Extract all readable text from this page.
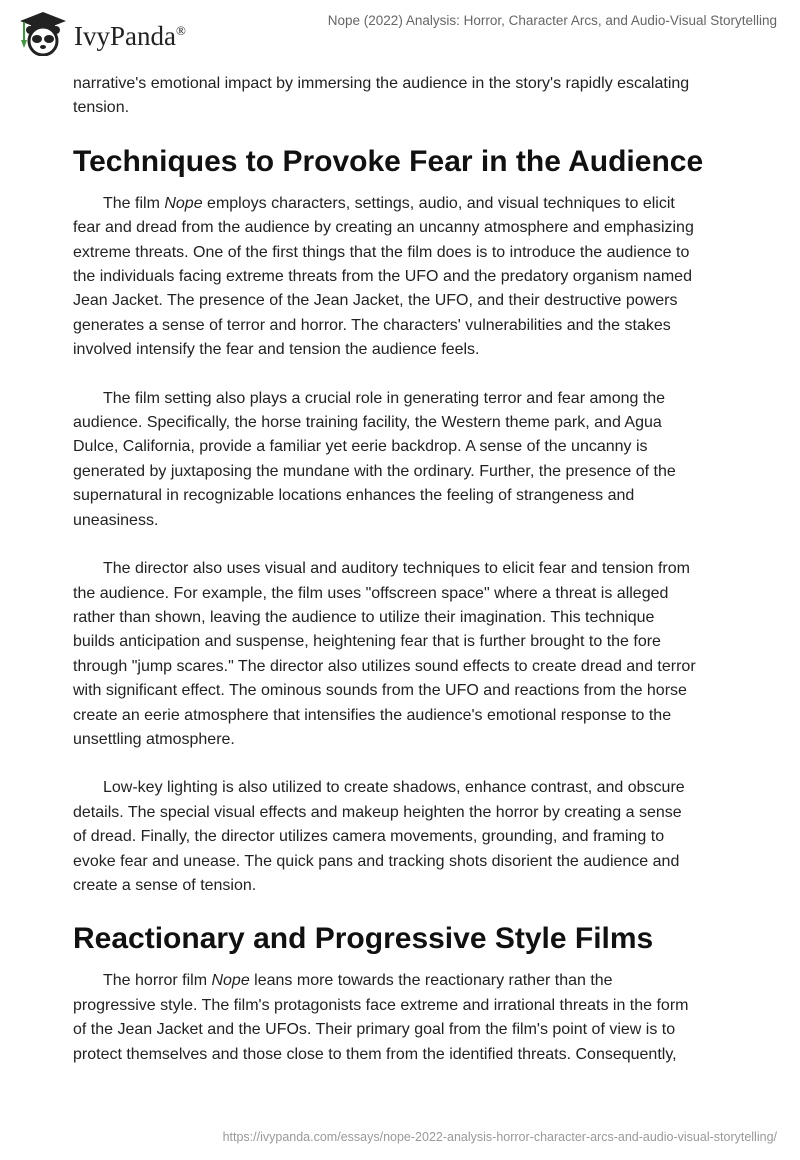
IvyPanda®
Nope (2022) Analysis: Horror, Character Arcs, and Audio-Visual Storytelling
narrative's emotional impact by immersing the audience in the story's rapidly escalating
tension.
Techniques to Provoke Fear in the Audience
The film Nope employs characters, settings, audio, and visual techniques to elicit
fear and dread from the audience by creating an uncanny atmosphere and emphasizing
extreme threats. One of the first things that the film does is to introduce the audience to
the individuals facing extreme threats from the UFO and the predatory organism named
Jean Jacket. The presence of the Jean Jacket, the UFO, and their destructive powers
generates a sense of terror and horror. The characters' vulnerabilities and the stakes
involved intensify the fear and tension the audience feels.
The film setting also plays a crucial role in generating terror and fear among the
audience. Specifically, the horse training facility, the Western theme park, and Agua
Dulce, California, provide a familiar yet eerie backdrop. A sense of the uncanny is
generated by juxtaposing the mundane with the ordinary. Further, the presence of the
supernatural in recognizable locations enhances the feeling of strangeness and
uneasiness.
The director also uses visual and auditory techniques to elicit fear and tension from
the audience. For example, the film uses "offscreen space" where a threat is alleged
rather than shown, leaving the audience to utilize their imagination. This technique
builds anticipation and suspense, heightening fear that is further brought to the fore
through "jump scares." The director also utilizes sound effects to create dread and terror
with significant effect. The ominous sounds from the UFO and reactions from the horse
create an eerie atmosphere that intensifies the audience's emotional response to the
unsettling atmosphere.
Low-key lighting is also utilized to create shadows, enhance contrast, and obscure
details. The special visual effects and makeup heighten the horror by creating a sense
of dread. Finally, the director utilizes camera movements, grounding, and framing to
evoke fear and unease. The quick pans and tracking shots disorient the audience and
create a sense of tension.
Reactionary and Progressive Style Films
The horror film Nope leans more towards the reactionary rather than the
progressive style. The film's protagonists face extreme and irrational threats in the form
of the Jean Jacket and the UFOs. Their primary goal from the film's point of view is to
protect themselves and those close to them from the identified threats. Consequently,
https://ivypanda.com/essays/nope-2022-analysis-horror-character-arcs-and-audio-visual-storytelling/
